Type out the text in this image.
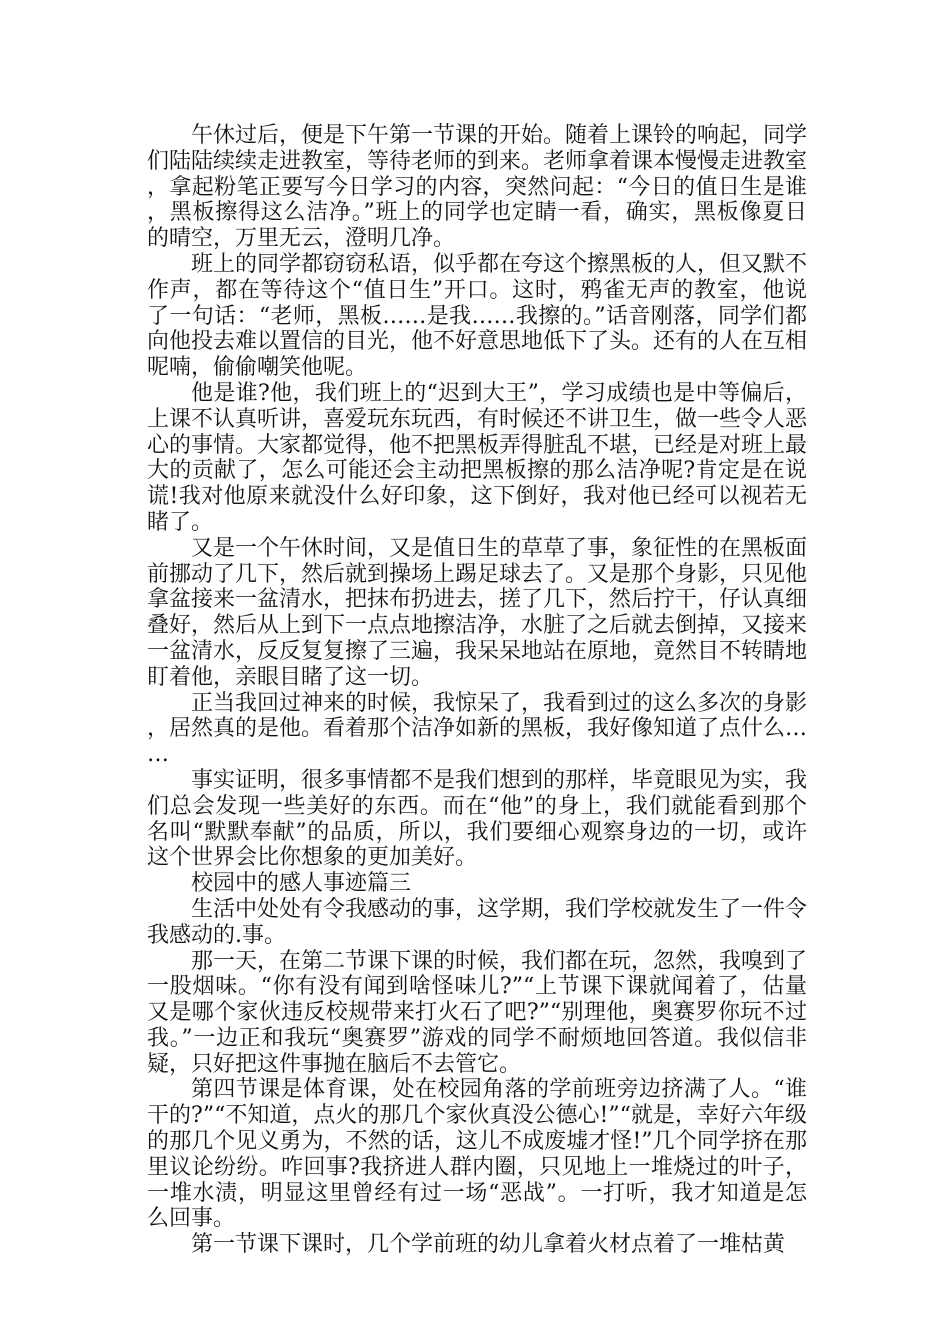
午休过后，便是下午第一节课的开始。随着上课铃的响起，同学们陆陆续续走进教室，等待老师的到来。老师拿着课本慢慢走进教室，拿起粉笔正要写今日学习的内容，突然问起：“今日的值日生是谁，黑板擦得这么洁净。”班上的同学也定睛一看，确实，黑板像夏日的晴空，万里无云，澄明几净。

班上的同学都窃窃私语，似乎都在夸这个擦黑板的人，但又默不作声，都在等待这个“值日生”开口。这时，鸦雀无声的教室，他说了一句话：“老师，黑板……是我……我擦的。”话音刚落，同学们都向他投去难以置信的目光，他不好意思地低下了头。还有的人在互相呢喃，偷偷嘲笑他呢。

他是谁?他，我们班上的“迟到大王”，学习成绩也是中等偏后，上课不认真听讲，喜爱玩东玩西，有时候还不讲卫生，做一些令人恶心的事情。大家都觉得，他不把黑板弄得脏乱不堪，已经是对班上最大的贡献了，怎么可能还会主动把黑板擦的那么洁净呢?肯定是在说谎!我对他原来就没什么好印象，这下倒好，我对他已经可以视若无睹了。

又是一个午休时间，又是值日生的草草了事，象征性的在黑板面前挪动了几下，然后就到操场上踢足球去了。又是那个身影，只见他拿盆接来一盆清水，把抹布扔进去，搓了几下，然后拧干，仔认真细叠好，然后从上到下一点点地擦洁净，水脏了之后就去倒掉，又接来一盆清水，反反复复擦了三遍，我呆呆地站在原地，竟然目不转睛地盯着他，亲眼目睹了这一切。

正当我回过神来的时候，我惊呆了，我看到过的这么多次的身影，居然真的是他。看着那个洁净如新的黑板，我好像知道了点什么……

事实证明，很多事情都不是我们想到的那样，毕竟眼见为实，我们总会发现一些美好的东西。而在“他”的身上，我们就能看到那个名叫“默默奉献”的品质，所以，我们要细心观察身边的一切，或许这个世界会比你想象的更加美好。

校园中的感人事迹篇三

生活中处处有令我感动的事，这学期，我们学校就发生了一件令我感动的.事。

那一天，在第二节课下课的时候，我们都在玩，忽然，我嗅到了一股烟味。“你有没有闻到啥怪味儿?”“上节课下课就闻着了，估量又是哪个家伙违反校规带来打火石了吧?”“别理他，奥赛罗你玩不过我。”一边正和我玩“奥赛罗”游戏的同学不耐烦地回答道。我似信非疑，只好把这件事抛在脑后不去管它。

第四节课是体育课，处在校园角落的学前班旁边挤满了人。“谁干的?”“不知道，点火的那几个家伙真没公德心!”“就是，幸好六年级的那几个见义勇为，不然的话，这儿不成废墟才怪!”几个同学挤在那里议论纷纷。咋回事?我挤进人群内圈，只见地上一堆烧过的叶子，一堆水渍，明显这里曾经有过一场“恶战”。一打听，我才知道是怎么回事。

第一节课下课时，几个学前班的幼儿拿着火材点着了一堆枯黄
